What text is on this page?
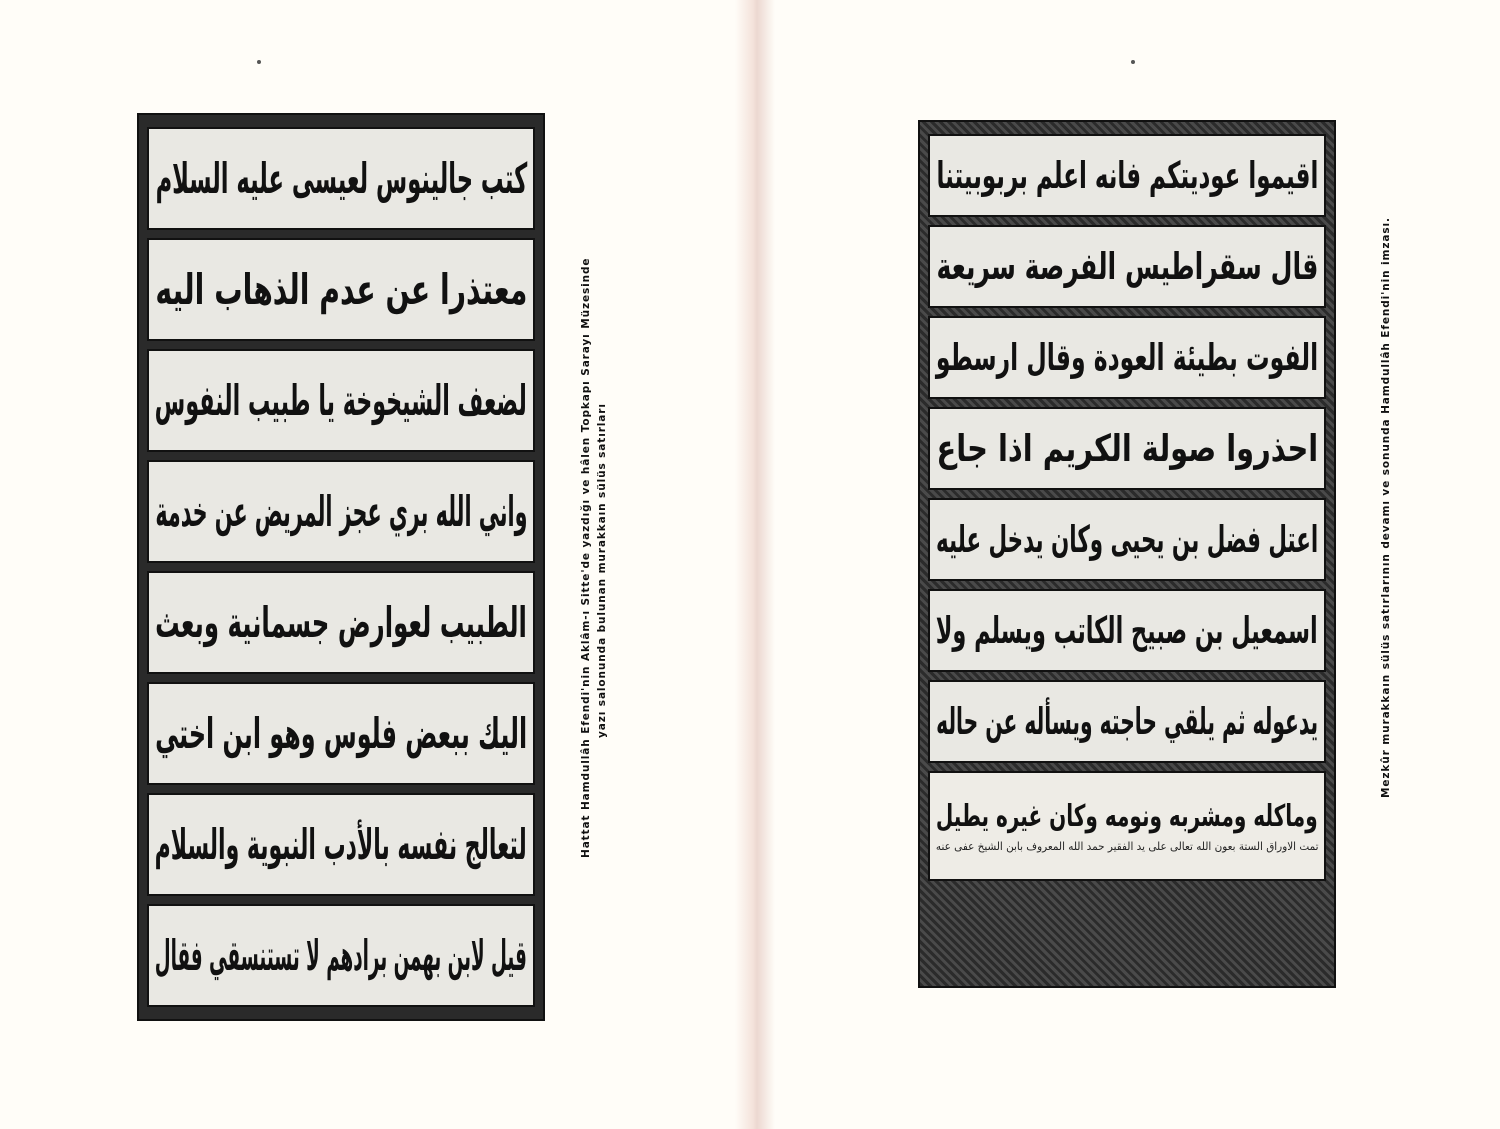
كتب جالينوس لعيسى عليه السلام
معتذرا عن عدم الذهاب اليه
لضعف الشيخوخة يا طبيب النفوس
واني الله بري عجز المريض عن خدمة
الطبيب لعوارض جسمانية وبعث
اليك ببعض فلوس وهو ابن اختي
لتعالج نفسه بالأدب النبوية والسلام
قيل لابن بهمن برادهم لا تستنسقي فقال
Hattat Hamdullâh Efendi'nin Aklâm-ı Sitte'de yazdığı ve hâlen Topkapı Sarayı Müzesinde yazı salonunda bulunan murakkaın sülüs satırları
اقيموا عوديتكم فانه اعلم بربوبيتنا
قال سقراطيس الفرصة سريعة
الفوت بطيئة العودة وقال ارسطو
احذروا صولة الكريم اذا جاع
اعتل فضل بن يحيى وكان يدخل عليه
اسمعيل بن صبيح الكاتب ويسلم ولا
يدعوله ثم يلقي حاجته ويسأله عن حاله
وماكله ومشربه ونومه وكان غيره يطيل
تمت الاوراق الستة بعون الله تعالى على يد الفقير حمد الله المعروف بابن الشيخ عفى عنه
Mezkûr murakkaın sülüs satırlarının devamı ve sonunda Hamdullâh Efendi'nin imzası.
